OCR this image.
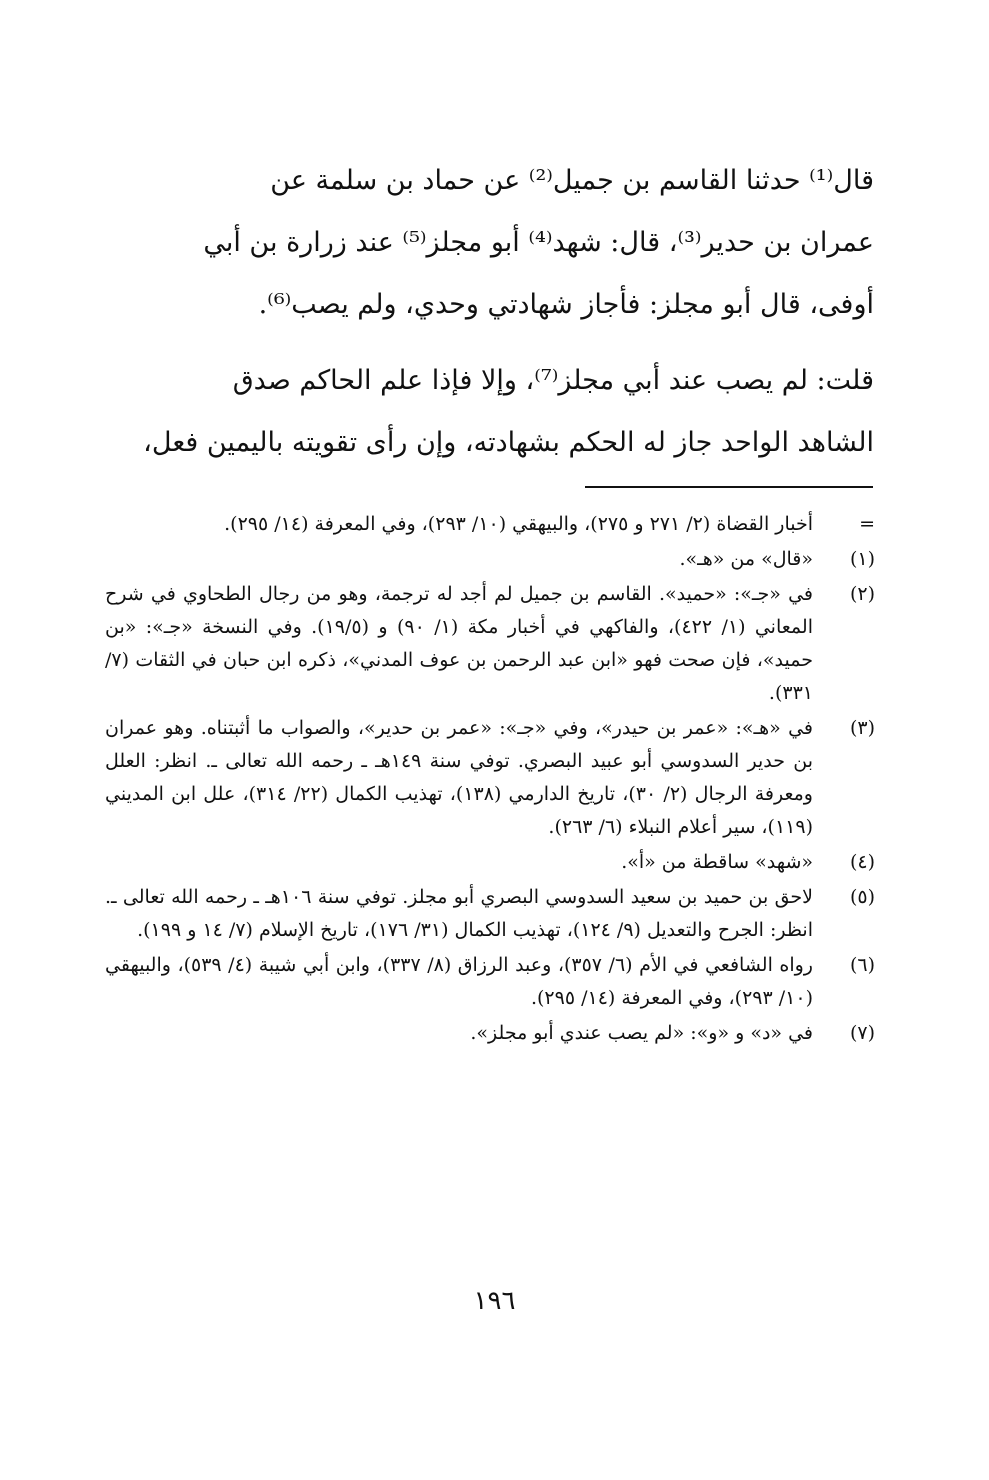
قال⁽¹⁾ حدثنا القاسم بن جميل⁽²⁾ عن حماد بن سلمة عن
عمران بن حدير⁽³⁾، قال: شهد⁽⁴⁾ أبو مجلز⁽⁵⁾ عند زرارة بن أبي
أوفى، قال أبو مجلز: فأجاز شهادتي وحدي، ولم يصب⁽⁶⁾.
قلت: لم يصب عند أبي مجلز⁽⁷⁾، وإلا فإذا علم الحاكم صدق
الشاهد الواحد جاز له الحكم بشهادته، وإن رأى تقويته باليمين فعل،
=
أخبار القضاة (٢/ ٢٧١ و ٢٧٥)، والبيهقي (١٠/ ٢٩٣)، وفي المعرفة (١٤/ ٢٩٥).
(١)
«قال» من «هـ».
(٢)
في «جـ»: «حميد». القاسم بن جميل لم أجد له ترجمة، وهو من رجال الطحاوي في شرح المعاني (١/ ٤٢٢)، والفاكهي في أخبار مكة (١/ ٩٠) و (١٩/٥). وفي النسخة «جـ»: «بن حميد»، فإن صحت فهو «ابن عبد الرحمن بن عوف المدني»، ذكره ابن حبان في الثقات (٧/ ٣٣١).
(٣)
في «هـ»: «عمر بن حيدر»، وفي «جـ»: «عمر بن حدير»، والصواب ما أثبتناه. وهو عمران بن حدير السدوسي أبو عبيد البصري. توفي سنة ١٤٩هـ ـ رحمه الله تعالى ـ. انظر: العلل ومعرفة الرجال (٢/ ٣٠)، تاريخ الدارمي (١٣٨)، تهذيب الكمال (٢٢/ ٣١٤)، علل ابن المديني (١١٩)، سير أعلام النبلاء (٦/ ٢٦٣).
(٤)
«شهد» ساقطة من «أ».
(٥)
لاحق بن حميد بن سعيد السدوسي البصري أبو مجلز. توفي سنة ١٠٦هـ ـ رحمه الله تعالى ـ. انظر: الجرح والتعديل (٩/ ١٢٤)، تهذيب الكمال (٣١/ ١٧٦)، تاريخ الإسلام (٧/ ١٤ و ١٩٩).
(٦)
رواه الشافعي في الأم (٦/ ٣٥٧)، وعبد الرزاق (٨/ ٣٣٧)، وابن أبي شيبة (٤/ ٥٣٩)، والبيهقي (١٠/ ٢٩٣)، وفي المعرفة (١٤/ ٢٩٥).
(٧)
في «د» و «و»: «لم يصب عندي أبو مجلز».
١٩٦
